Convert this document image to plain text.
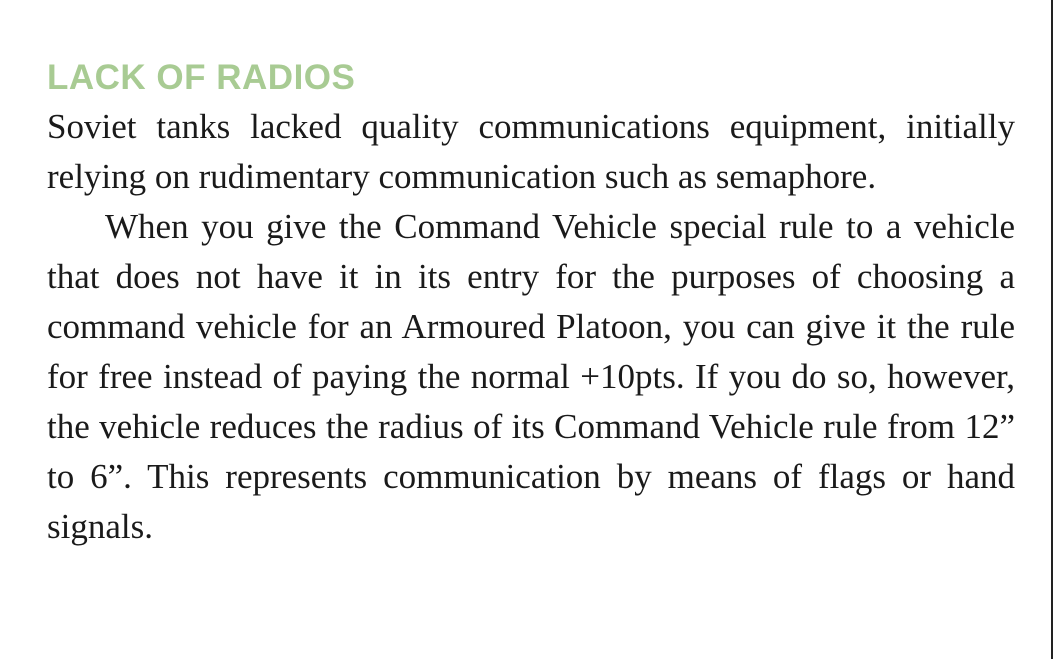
LACK OF RADIOS

Soviet tanks lacked quality communications equipment, initially relying on rudimentary communication such as semaphore.

When you give the Command Vehicle special rule to a vehicle that does not have it in its entry for the purposes of choosing a command vehicle for an Armoured Platoon, you can give it the rule for free instead of paying the normal +10pts. If you do so, however, the vehicle reduces the radius of its Command Vehicle rule from 12” to 6”. This represents communication by means of flags or hand signals.
